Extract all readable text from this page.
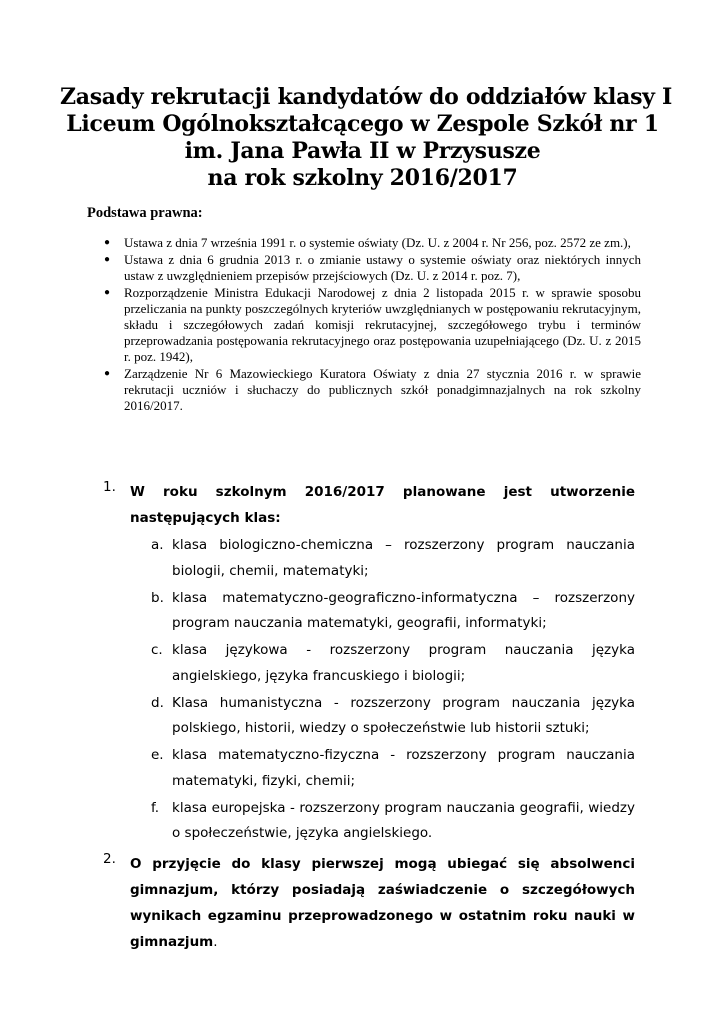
Zasady rekrutacji kandydatów do oddziałów klasy I
Liceum Ogólnokształcącego w Zespole Szkół nr 1
im. Jana Pawła II w Przysusze
na rok szkolny 2016/2017
Podstawa prawna:
● Ustawa z dnia 7 września 1991 r. o systemie oświaty (Dz. U. z 2004 r. Nr 256, poz. 2572 ze zm.),
● Ustawa z dnia 6 grudnia 2013 r. o zmianie ustawy o systemie oświaty oraz niektórych innych ustaw z uwzględnieniem przepisów przejściowych (Dz. U. z 2014 r. poz. 7),
● Rozporządzenie Ministra Edukacji Narodowej z dnia 2 listopada 2015 r. w sprawie sposobu przeliczania na punkty poszczególnych kryteriów uwzględnianych w postępowaniu rekrutacyjnym, składu i szczegółowych zadań komisji rekrutacyjnej, szczegółowego trybu i terminów przeprowadzania postępowania rekrutacyjnego oraz postępowania uzupełniającego (Dz. U. z 2015 r. poz. 1942),
● Zarządzenie Nr 6 Mazowieckiego Kuratora Oświaty z dnia 27 stycznia 2016 r. w sprawie rekrutacji uczniów i słuchaczy do publicznych szkół ponadgimnazjalnych na rok szkolny 2016/2017.
1. W roku szkolnym 2016/2017 planowane jest utworzenie następujących klas:
a. klasa biologiczno-chemiczna – rozszerzony program nauczania biologii, chemii, matematyki;
b. klasa matematyczno-geograficzno-informatyczna – rozszerzony program nauczania matematyki, geografii, informatyki;
c. klasa językowa - rozszerzony program nauczania języka angielskiego, języka francuskiego i biologii;
d. Klasa humanistyczna - rozszerzony program nauczania języka polskiego, historii, wiedzy o społeczeństwie lub historii sztuki;
e. klasa matematyczno-fizyczna - rozszerzony program nauczania matematyki, fizyki, chemii;
f. klasa europejska - rozszerzony program nauczania geografii, wiedzy o społeczeństwie, języka angielskiego.
2. O przyjęcie do klasy pierwszej mogą ubiegać się absolwenci gimnazjum, którzy posiadają zaświadczenie o szczegółowych wynikach egzaminu przeprowadzonego w ostatnim roku nauki w gimnazjum.
